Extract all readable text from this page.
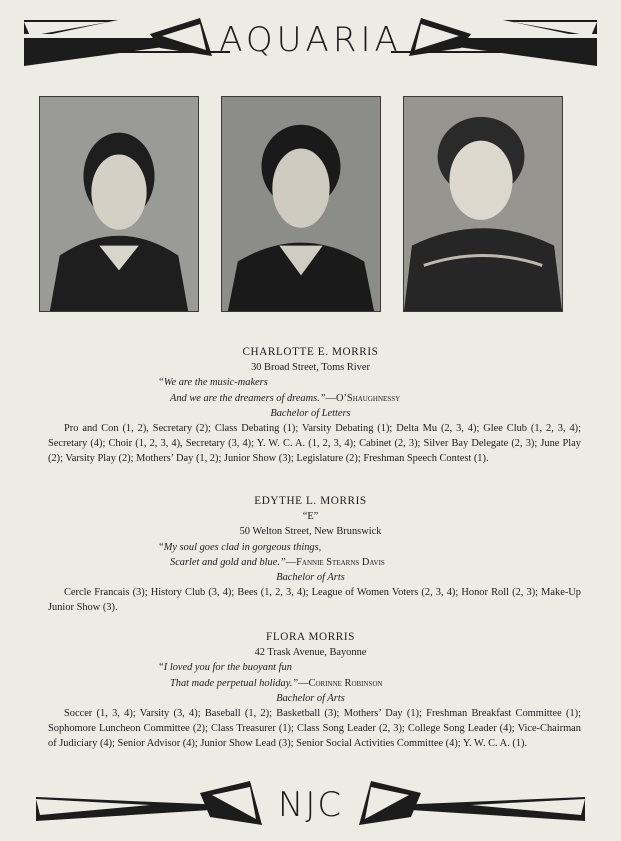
AQUARIA
CHARLOTTE E. MORRIS
30 Broad Street, Toms River
“We are the music-makers
And we are the dreamers of dreams.”—O’Shaughnessy
Bachelor of Letters
Pro and Con (1, 2), Secretary (2); Class Debating (1); Varsity Debating (1); Delta Mu (2, 3, 4); Glee Club (1, 2, 3, 4); Secretary (4); Choir (1, 2, 3, 4), Secretary (3, 4); Y. W. C. A. (1, 2, 3, 4); Cabinet (2, 3); Silver Bay Delegate (2, 3); June Play (2); Varsity Play (2); Mothers’ Day (1, 2); Junior Show (3); Legislature (2); Freshman Speech Contest (1).
EDYTHE L. MORRIS
“E”
50 Welton Street, New Brunswick
“My soul goes clad in gorgeous things,
Scarlet and gold and blue.”—Fannie Stearns Davis
Bachelor of Arts
Cercle Francais (3); History Club (3, 4); Bees (1, 2, 3, 4); League of Women Voters (2, 3, 4); Honor Roll (2, 3); Make-Up Junior Show (3).
FLORA MORRIS
42 Trask Avenue, Bayonne
“I loved you for the buoyant fun
That made perpetual holiday.”—Corinne Robinson
Bachelor of Arts
Soccer (1, 3, 4); Varsity (3, 4); Baseball (1, 2); Basketball (3); Mothers’ Day (1); Freshman Breakfast Committee (1); Sophomore Luncheon Committee (2); Class Treasurer (1); Class Song Leader (2, 3); College Song Leader (4); Vice-Chairman of Judiciary (4); Senior Advisor (4); Junior Show Lead (3); Senior Social Activities Committee (4); Y. W. C. A. (1).
NJC
